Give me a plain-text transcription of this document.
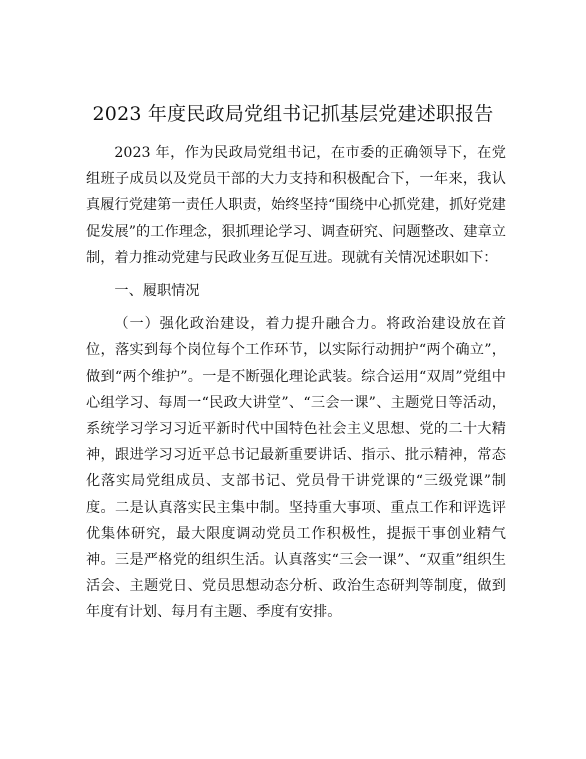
2023 年度民政局党组书记抓基层党建述职报告

2023 年，作为民政局党组书记，在市委的正确领导下，在党组班子成员以及党员干部的大力支持和积极配合下，一年来，我认真履行党建第一责任人职责，始终坚持“围绕中心抓党建，抓好党建促发展”的工作理念，狠抓理论学习、调查研究、问题整改、建章立制，着力推动党建与民政业务互促互进。现就有关情况述职如下：

一、履职情况

（一）强化政治建设，着力提升融合力。将政治建设放在首位，落实到每个岗位每个工作环节，以实际行动拥护“两个确立”，做到“两个维护”。一是不断强化理论武装。综合运用“双周”党组中心组学习、每周一“民政大讲堂”、“三会一课”、主题党日等活动，系统学习学习习近平新时代中国特色社会主义思想、党的二十大精神，跟进学习习近平总书记最新重要讲话、指示、批示精神，常态化落实局党组成员、支部书记、党员骨干讲党课的“三级党课”制度。二是认真落实民主集中制。坚持重大事项、重点工作和评选评优集体研究，最大限度调动党员工作积极性，提振干事创业精气神。三是严格党的组织生活。认真落实“三会一课”、“双重”组织生活会、主题党日、党员思想动态分析、政治生态研判等制度，做到年度有计划、每月有主题、季度有安排。
